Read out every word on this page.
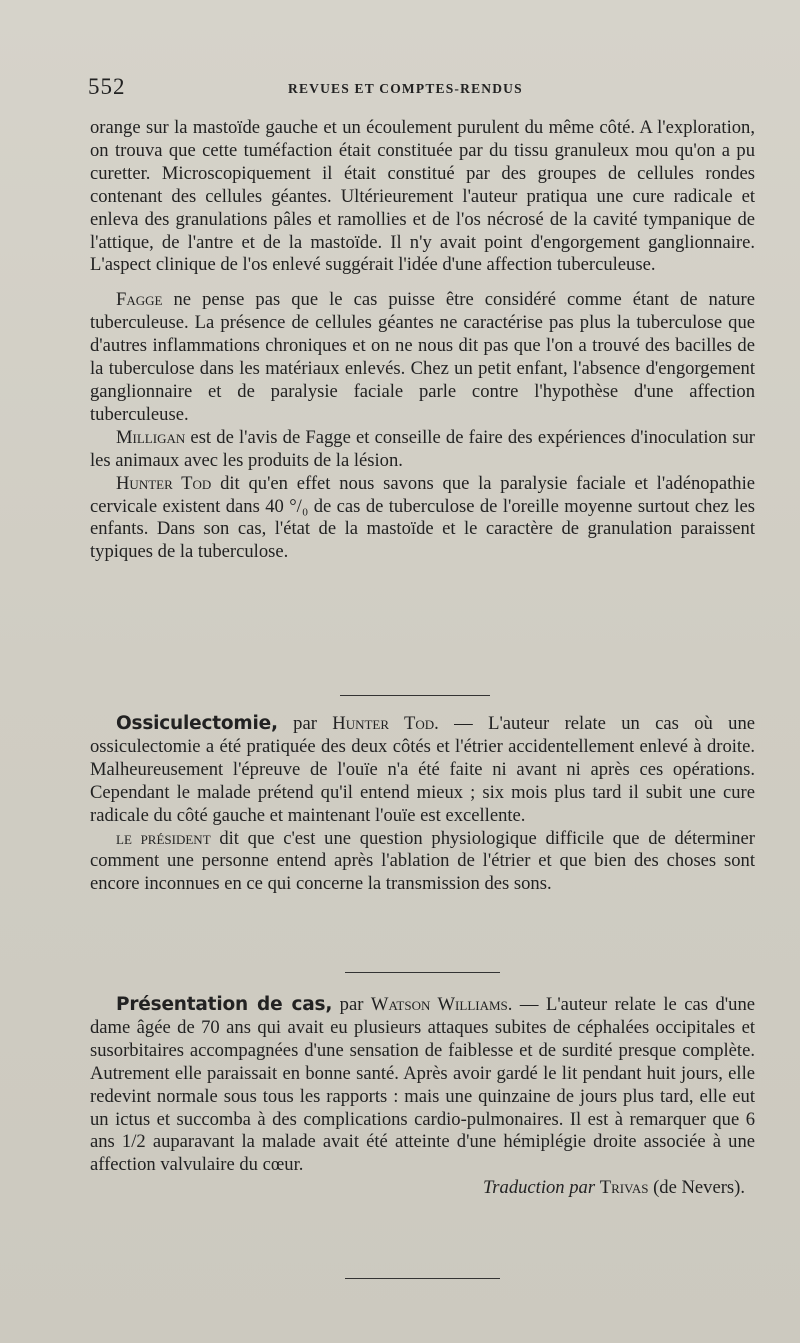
552	REVUES ET COMPTES-RENDUS

orange sur la mastoïde gauche et un écoulement purulent du même côté. A l'exploration, on trouva que cette tuméfaction était constituée par du tissu granuleux mou qu'on a pu curetter. Microscopiquement il était constitué par des groupes de cellules rondes contenant des cellules géantes. Ultérieurement l'auteur pratiqua une cure radicale et enleva des granulations pâles et ramollies et de l'os nécrosé de la cavité tympanique de l'attique, de l'antre et de la mastoïde. Il n'y avait point d'engorgement ganglionnaire. L'aspect clinique de l'os enlevé suggérait l'idée d'une affection tuberculeuse.

Fagge ne pense pas que le cas puisse être considéré comme étant de nature tuberculeuse. La présence de cellules géantes ne caractérise pas plus la tuberculose que d'autres inflammations chroniques et on ne nous dit pas que l'on a trouvé des bacilles de la tuberculose dans les matériaux enlevés. Chez un petit enfant, l'absence d'engorgement ganglionnaire et de paralysie faciale parle contre l'hypothèse d'une affection tuberculeuse.

Milligan est de l'avis de Fagge et conseille de faire des expériences d'inoculation sur les animaux avec les produits de la lésion.

Hunter Tod dit qu'en effet nous savons que la paralysie faciale et l'adénopathie cervicale existent dans 40 °/₀ de cas de tuberculose de l'oreille moyenne surtout chez les enfants. Dans son cas, l'état de la mastoïde et le caractère de granulation paraissent typiques de la tuberculose.

Ossiculectomie, par Hunter Tod. — L'auteur relate un cas où une ossiculectomie a été pratiquée des deux côtés et l'étrier accidentellement enlevé à droite. Malheureusement l'épreuve de l'ouïe n'a été faite ni avant ni après ces opérations. Cependant le malade prétend qu'il entend mieux ; six mois plus tard il subit une cure radicale du côté gauche et maintenant l'ouïe est excellente.

le président dit que c'est une question physiologique difficile que de déterminer comment une personne entend après l'ablation de l'étrier et que bien des choses sont encore inconnues en ce qui concerne la transmission des sons.

Présentation de cas, par Watson Williams. — L'auteur relate le cas d'une dame âgée de 70 ans qui avait eu plusieurs attaques subites de céphalées occipitales et susorbitaires accompagnées d'une sensation de faiblesse et de surdité presque complète. Autrement elle paraissait en bonne santé. Après avoir gardé le lit pendant huit jours, elle redevint normale sous tous les rapports : mais une quinzaine de jours plus tard, elle eut un ictus et succomba à des complications cardio-pulmonaires. Il est à remarquer que 6 ans 1/2 auparavant la malade avait été atteinte d'une hémiplégie droite associée à une affection valvulaire du cœur.

Traduction par Trivas (de Nevers).
